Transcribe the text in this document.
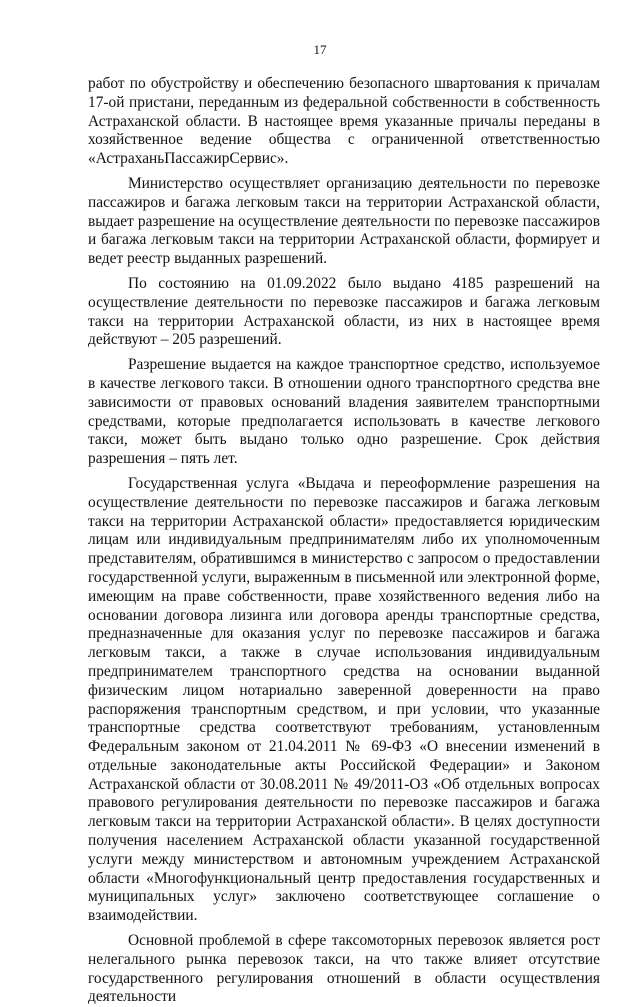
17

работ по обустройству и обеспечению безопасного швартования к причалам 17-ой пристани, переданным из федеральной собственности в собственность Астраханской области. В настоящее время указанные причалы переданы в хозяйственное ведение общества с ограниченной ответственностью «АстраханьПассажирСервис».

Министерство осуществляет организацию деятельности по перевозке пассажиров и багажа легковым такси на территории Астраханской области, выдает разрешение на осуществление деятельности по перевозке пассажиров и багажа легковым такси на территории Астраханской области, формирует и ведет реестр выданных разрешений.

По состоянию на 01.09.2022 было выдано 4185 разрешений на осуществление деятельности по перевозке пассажиров и багажа легковым такси на территории Астраханской области, из них в настоящее время действуют – 205 разрешений.

Разрешение выдается на каждое транспортное средство, используемое в качестве легкового такси. В отношении одного транспортного средства вне зависимости от правовых оснований владения заявителем транспортными средствами, которые предполагается использовать в качестве легкового такси, может быть выдано только одно разрешение. Срок действия разрешения – пять лет.

Государственная услуга «Выдача и переоформление разрешения на осуществление деятельности по перевозке пассажиров и багажа легковым такси на территории Астраханской области» предоставляется юридическим лицам или индивидуальным предпринимателям либо их уполномоченным представителям, обратившимся в министерство с запросом о предоставлении государственной услуги, выраженным в письменной или электронной форме, имеющим на праве собственности, праве хозяйственного ведения либо на основании договора лизинга или договора аренды транспортные средства, предназначенные для оказания услуг по перевозке пассажиров и багажа легковым такси, а также в случае использования индивидуальным предпринимателем транспортного средства на основании выданной физическим лицом нотариально заверенной доверенности на право распоряжения транспортным средством, и при условии, что указанные транспортные средства соответствуют требованиям, установленным Федеральным законом от 21.04.2011 № 69-ФЗ «О внесении изменений в отдельные законодательные акты Российской Федерации» и Законом Астраханской области от 30.08.2011 № 49/2011-ОЗ «Об отдельных вопросах правового регулирования деятельности по перевозке пассажиров и багажа легковым такси на территории Астраханской области». В целях доступности получения населением Астраханской области указанной государственной услуги между министерством и автономным учреждением Астраханской области «Многофункциональный центр предоставления государственных и муниципальных услуг» заключено соответствующее соглашение о взаимодействии.

Основной проблемой в сфере таксомоторных перевозок является рост нелегального рынка перевозок такси, на что также влияет отсутствие государственного регулирования отношений в области осуществления деятельности
